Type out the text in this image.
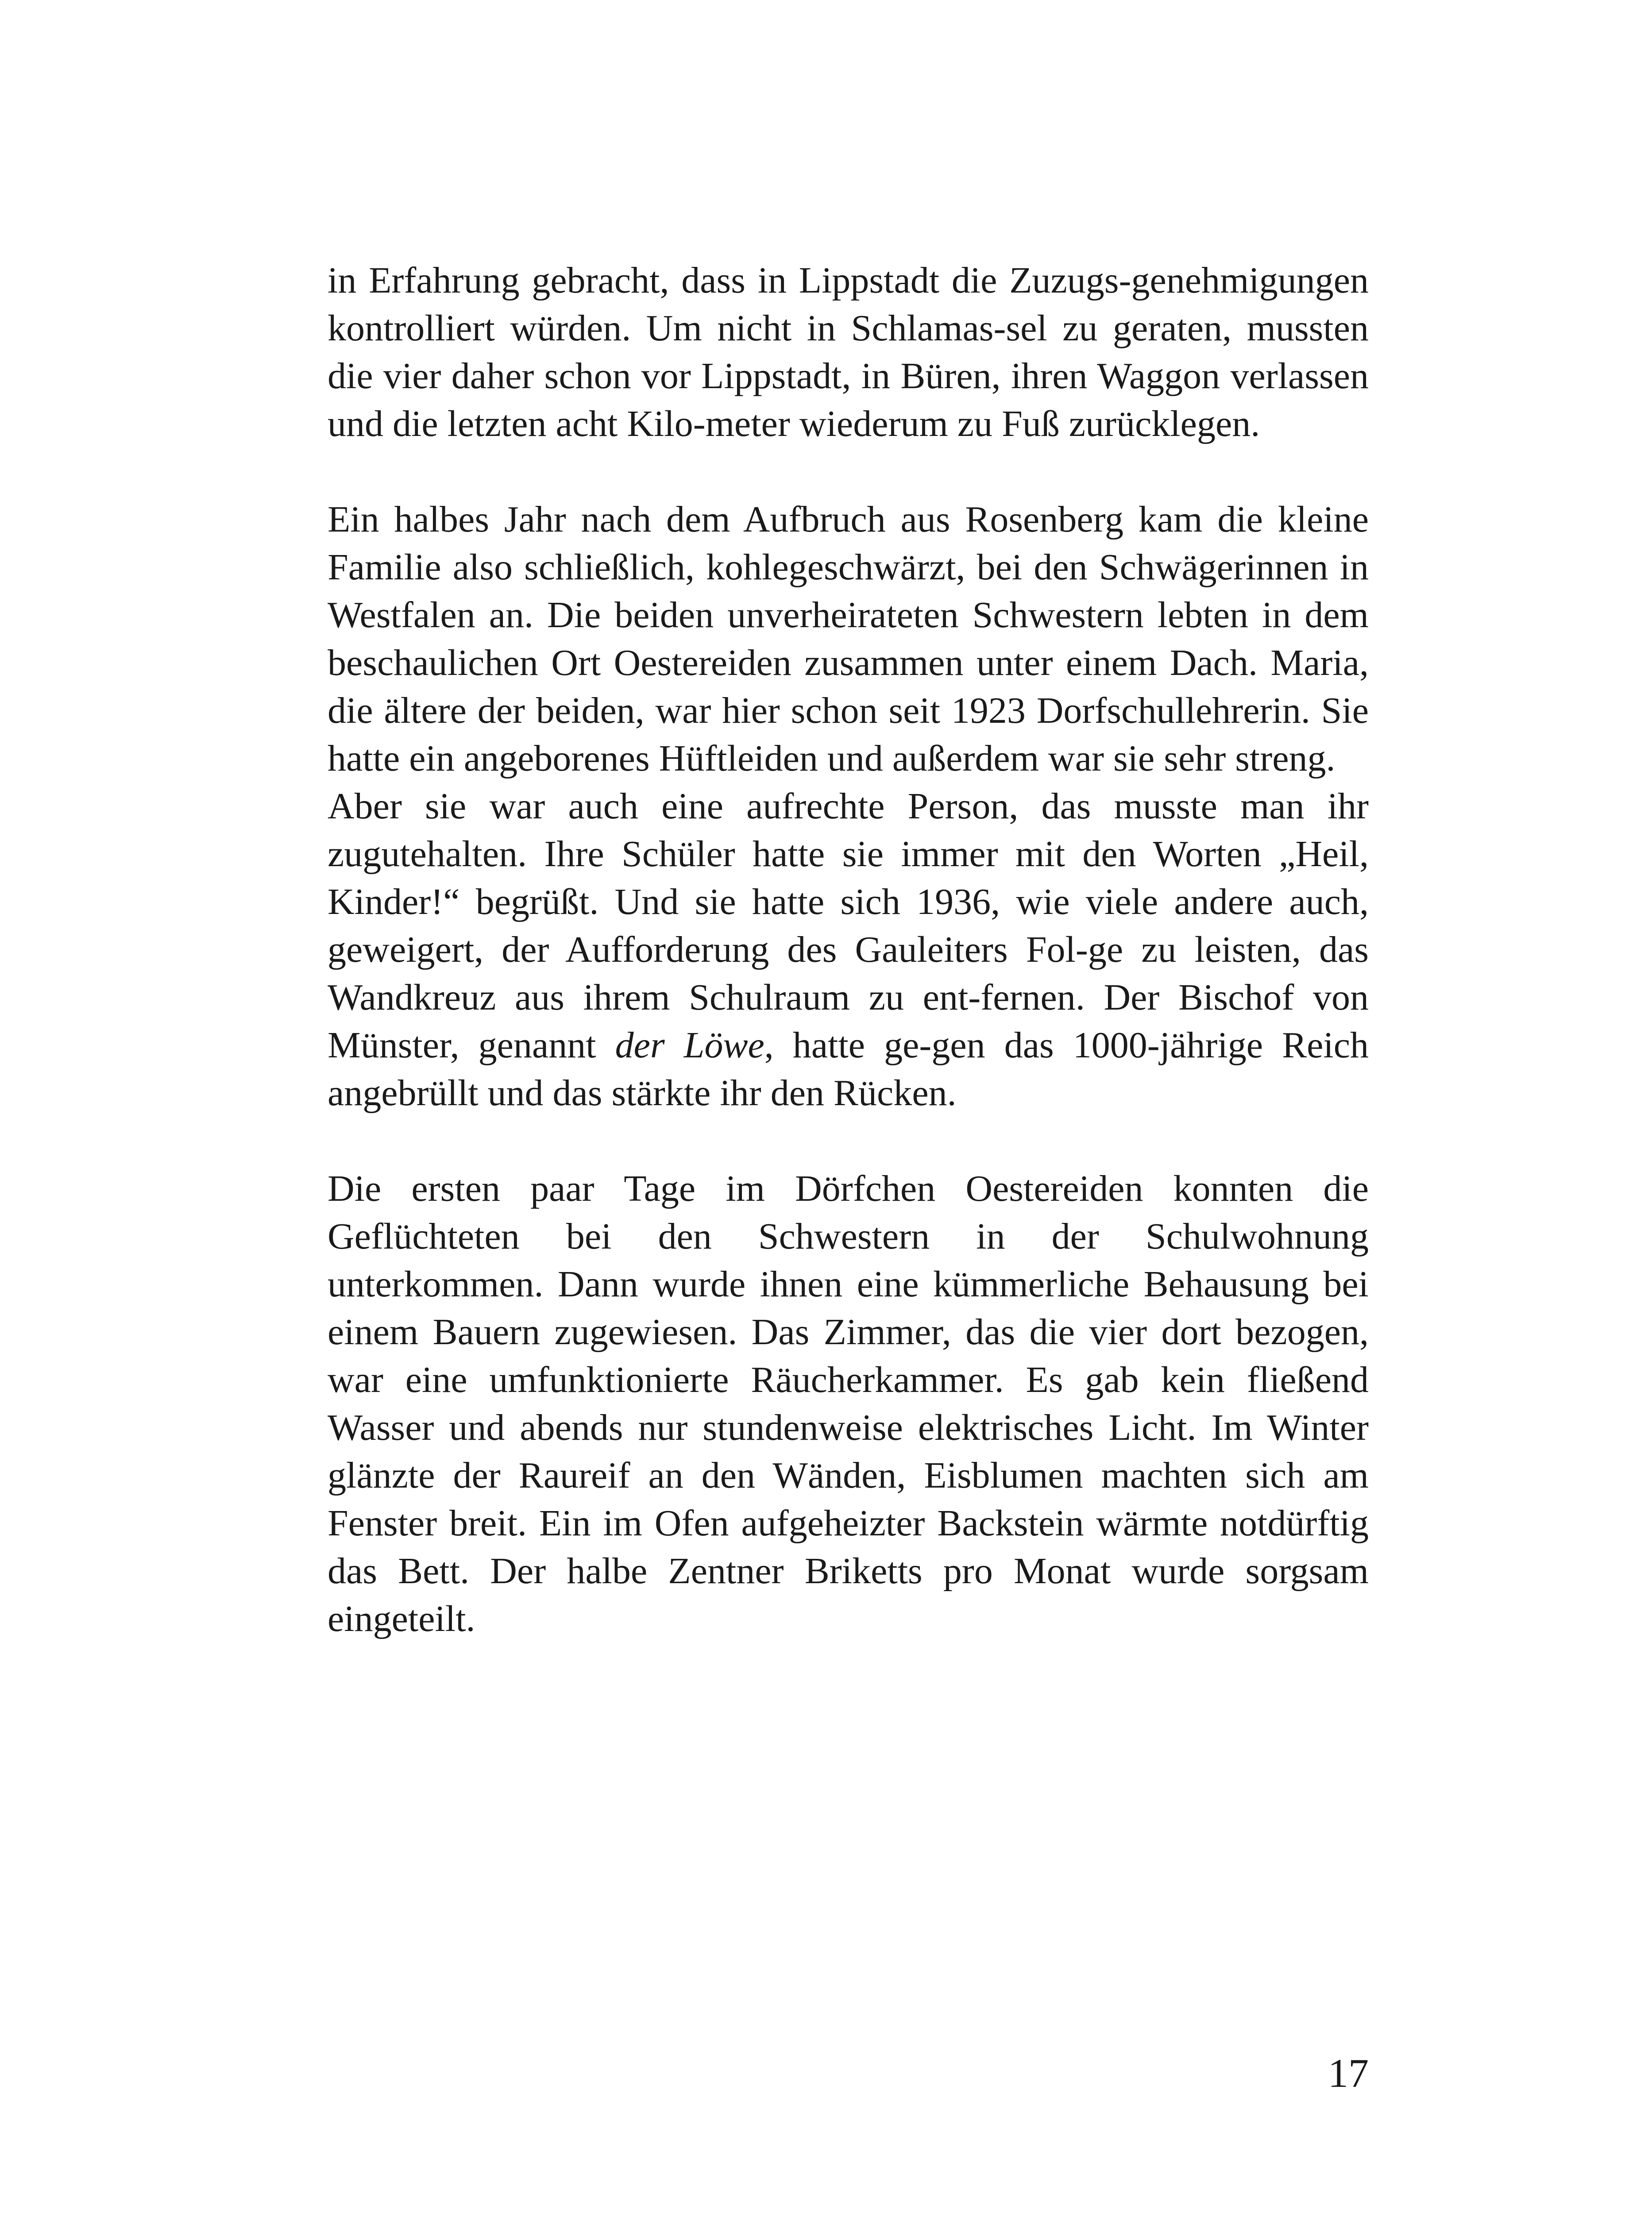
in Erfahrung gebracht, dass in Lippstadt die Zuzugs-genehmigungen kontrolliert würden. Um nicht in Schlamas-sel zu geraten, mussten die vier daher schon vor Lippstadt, in Büren, ihren Waggon verlassen und die letzten acht Kilo-meter wiederum zu Fuß zurücklegen.

Ein halbes Jahr nach dem Aufbruch aus Rosenberg kam die kleine Familie also schließlich, kohlegeschwärzt, bei den Schwägerinnen in Westfalen an. Die beiden unverheirateten Schwestern lebten in dem beschaulichen Ort Oestereiden zusammen unter einem Dach. Maria, die ältere der beiden, war hier schon seit 1923 Dorfschullehrerin. Sie hatte ein angeborenes Hüftleiden und außerdem war sie sehr streng.

Aber sie war auch eine aufrechte Person, das musste man ihr zugutehalten. Ihre Schüler hatte sie immer mit den Worten „Heil, Kinder!“ begrüßt. Und sie hatte sich 1936, wie viele andere auch, geweigert, der Aufforderung des Gauleiters Fol-ge zu leisten, das Wandkreuz aus ihrem Schulraum zu ent-fernen. Der Bischof von Münster, genannt der Löwe, hatte ge-gen das 1000-jährige Reich angebrüllt und das stärkte ihr den Rücken.

Die ersten paar Tage im Dörfchen Oestereiden konnten die Geflüchteten bei den Schwestern in der Schulwohnung unterkommen. Dann wurde ihnen eine kümmerliche Behausung bei einem Bauern zugewiesen. Das Zimmer, das die vier dort bezogen, war eine umfunktionierte Räucherkammer. Es gab kein fließend Wasser und abends nur stundenweise elektrisches Licht. Im Winter glänzte der Raureif an den Wänden, Eisblumen machten sich am Fenster breit. Ein im Ofen aufgeheizter Backstein wärmte notdürftig das Bett. Der halbe Zentner Briketts pro Monat wurde sorgsam eingeteilt.

17
